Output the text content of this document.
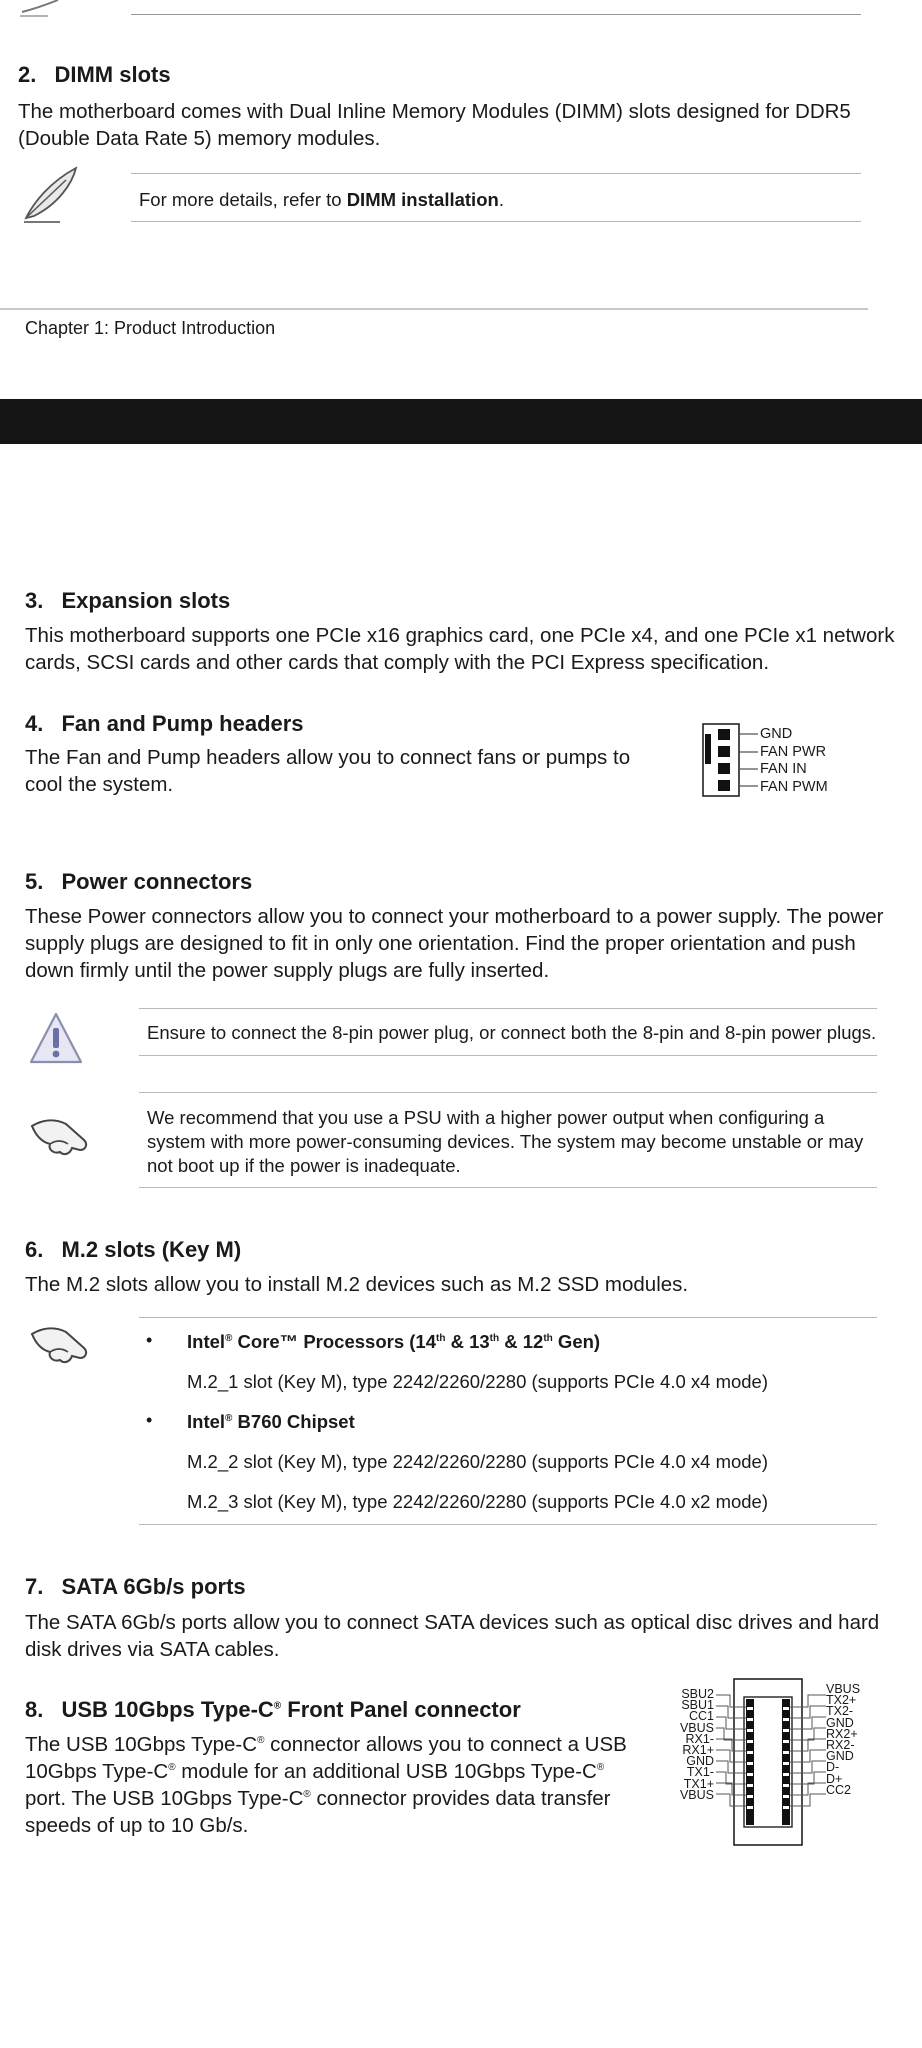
2. DIMM slots
The motherboard comes with Dual Inline Memory Modules (DIMM) slots designed for DDR5 (Double Data Rate 5) memory modules.
For more details, refer to DIMM installation.
Chapter 1: Product Introduction
3. Expansion slots
This motherboard supports one PCIe x16 graphics card, one PCIe x4, and one PCIe x1 network cards, SCSI cards and other cards that comply with the PCI Express specification.
4. Fan and Pump headers
The Fan and Pump headers allow you to connect fans or pumps to cool the system.
GND
FAN PWR
FAN IN
FAN PWM
5. Power connectors
These Power connectors allow you to connect your motherboard to a power supply. The power supply plugs are designed to fit in only one orientation. Find the proper orientation and push down firmly until the power supply plugs are fully inserted.
Ensure to connect the 8-pin power plug, or connect both the 8-pin and 8-pin power plugs.
We recommend that you use a PSU with a higher power output when configuring a system with more power-consuming devices. The system may become unstable or may not boot up if the power is inadequate.
6. M.2 slots (Key M)
The M.2 slots allow you to install M.2 devices such as M.2 SSD modules.
• Intel® Core™ Processors (14th & 13th & 12th Gen)
M.2_1 slot (Key M), type 2242/2260/2280 (supports PCIe 4.0 x4 mode)
• Intel® B760 Chipset
M.2_2 slot (Key M), type 2242/2260/2280 (supports PCIe 4.0 x4 mode)
M.2_3 slot (Key M), type 2242/2260/2280 (supports PCIe 4.0 x2 mode)
7. SATA 6Gb/s ports
The SATA 6Gb/s ports allow you to connect SATA devices such as optical disc drives and hard disk drives via SATA cables.
8. USB 10Gbps Type-C® Front Panel connector
The USB 10Gbps Type-C® connector allows you to connect a USB 10Gbps Type-C® module for an additional USB 10Gbps Type-C® port. The USB 10Gbps Type-C® connector provides data transfer speeds of up to 10 Gb/s.
SBU2
SBU1
CC1
VBUS
RX1-
RX1+
GND
TX1-
TX1+
VBUS
VBUS
TX2+
TX2-
GND
RX2+
RX2-
GND
D-
D+
CC2
